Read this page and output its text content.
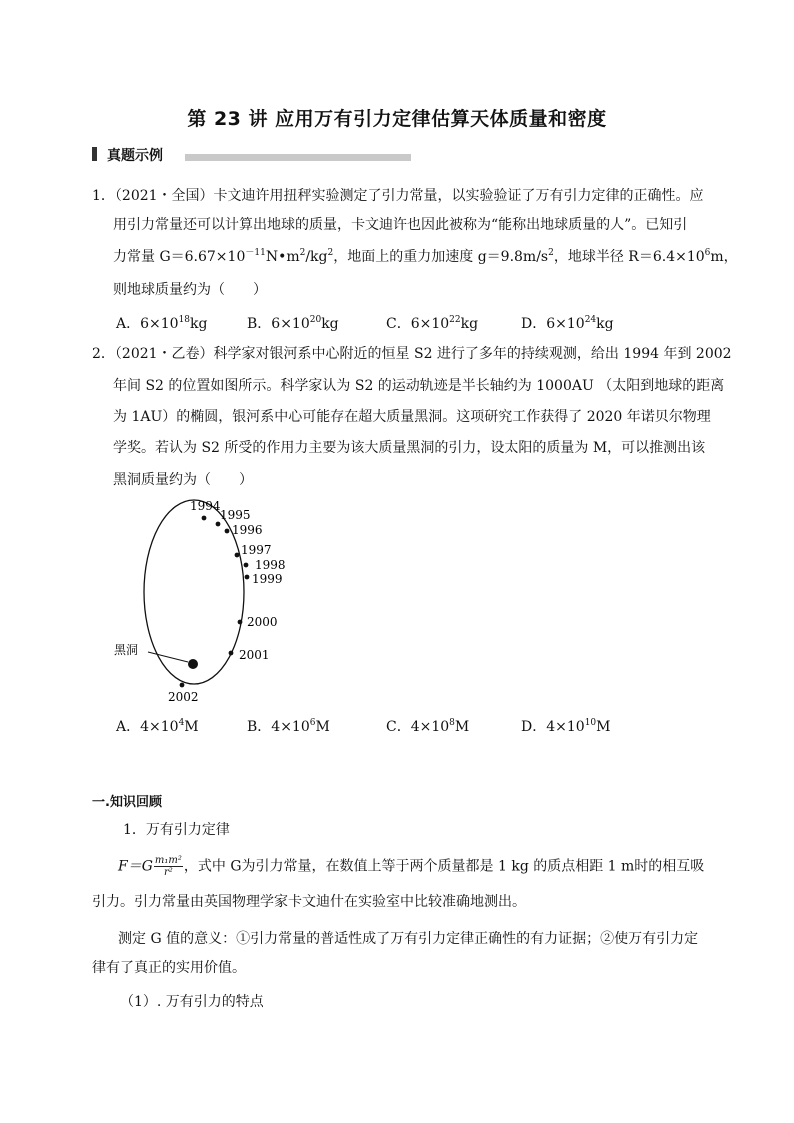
第 23 讲 应用万有引力定律估算天体质量和密度
真题示例
1．（2021・全国）卡文迪许用扭秤实验测定了引力常量，以实验验证了万有引力定律的正确性。应
用引力常量还可以计算出地球的质量，卡文迪许也因此被称为“能称出地球质量的人”。已知引
力常量 $G=6.67\times 10^{-11}N•m^2/kg^2$，地面上的重力加速度 $g=9.8m/s^2$，地球半径 $R=6.4\times 10^6m$，
则地球质量约为（　　）
A．$6\times 10^{18}kg$	B．$6\times 10^{20}kg$	C．$6\times 10^{22}kg$	D．$6\times 10^{24}kg$
2．（2021・乙卷）科学家对银河系中心附近的恒星 S2 进行了多年的持续观测，给出 1994 年到 2002
年间 S2 的位置如图所示。科学家认为 S2 的运动轨迹是半长轴约为 1000AU （太阳到地球的距离
为 1AU）的椭圆，银河系中心可能存在超大质量黑洞。这项研究工作获得了 2020 年诺贝尔物理
学奖。若认为 S2 所受的作用力主要为该大质量黑洞的引力，设太阳的质量为 M，可以推测出该
黑洞质量约为（　　）
1994
1995
1996
1997
1998
1999
2000
2001
2002
黑洞
A．$4\times 10^4M$	B．$4\times 10^6M$	C．$4\times 10^8M$	D．$4\times 10^{10}M$
一.知识回顾
1．万有引力定律
$F=G \frac{\text{m₁m²}}{\text{r²}}$ ，式中 G为引力常量，在数值上等于两个质量都是 1 kg 的质点相距 1 m时的相互吸
引力。引力常量由英国物理学家卡文迪什在实验室中比较准确地测出。
测定 G 值的意义：①引力常量的普适性成了万有引力定律正确性的有力证据；②使万有引力定
律有了真正的实用价值。
（1）. 万有引力的特点
